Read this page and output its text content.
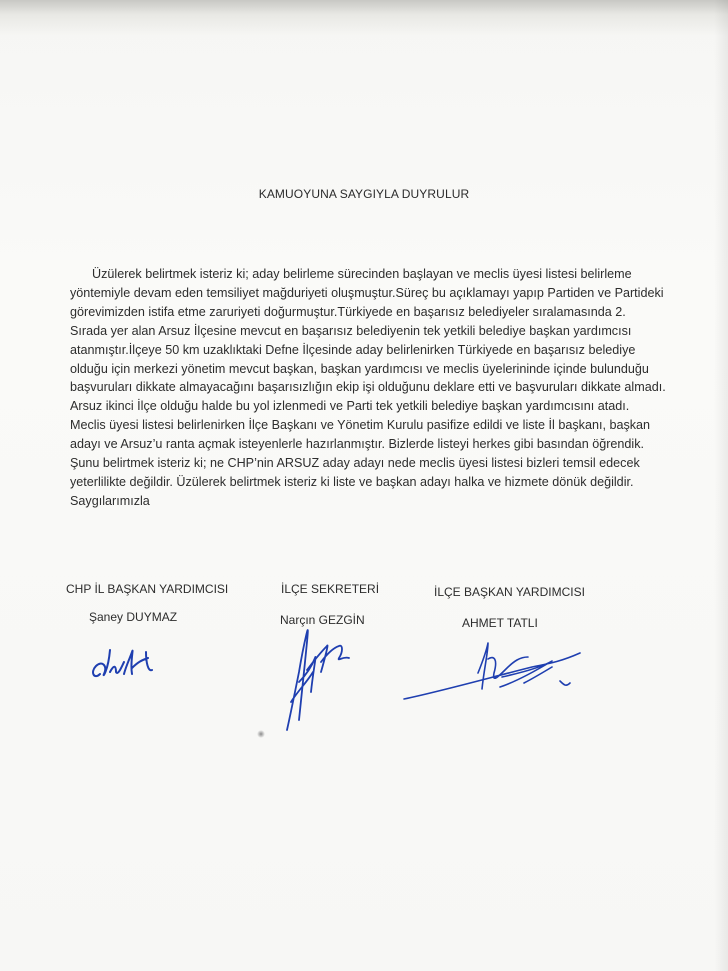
KAMUOYUNA SAYGIYLA DUYRULUR

Üzülerek belirtmek isteriz ki; aday belirleme sürecinden başlayan ve meclis üyesi listesi belirleme yöntemiyle devam eden temsiliyet mağduriyeti oluşmuştur.Süreç bu açıklamayı yapıp Partiden ve Partideki görevimizden istifa etme zaruriyeti doğurmuştur.Türkiyede en başarısız belediyeler sıralamasında 2. Sırada yer alan Arsuz İlçesine mevcut en başarısız belediyenin tek yetkili belediye başkan yardımcısı atanmıştır.İlçeye 50 km uzaklıktaki Defne İlçesinde aday belirlenirken Türkiyede en başarısız belediye olduğu için merkezi yönetim mevcut başkan, başkan yardımcısı ve meclis üyelerininde içinde bulunduğu başvuruları dikkate almayacağını başarısızlığın ekip işi olduğunu deklare etti ve başvuruları dikkate almadı. Arsuz ikinci İlçe olduğu halde bu yol izlenmedi ve Parti tek yetkili belediye başkan yardımcısını atadı. Meclis üyesi listesi belirlenirken İlçe Başkanı ve Yönetim Kurulu pasifize edildi ve liste İl başkanı, başkan adayı ve Arsuz’u ranta açmak isteyenlerle hazırlanmıştır. Bizlerde listeyi herkes gibi basından öğrendik. Şunu belirtmek isteriz ki; ne CHP’nin ARSUZ aday adayı nede meclis üyesi listesi bizleri temsil edecek yeterlilikte değildir. Üzülerek belirtmek isteriz ki liste ve başkan adayı halka ve hizmete dönük değildir. Saygılarımızla

CHP İL BAŞKAN YARDIMCISI
Şaney DUYMAZ
İLÇE SEKRETERİ
Narçın GEZGİN
İLÇE BAŞKAN YARDIMCISI
AHMET TATLI
